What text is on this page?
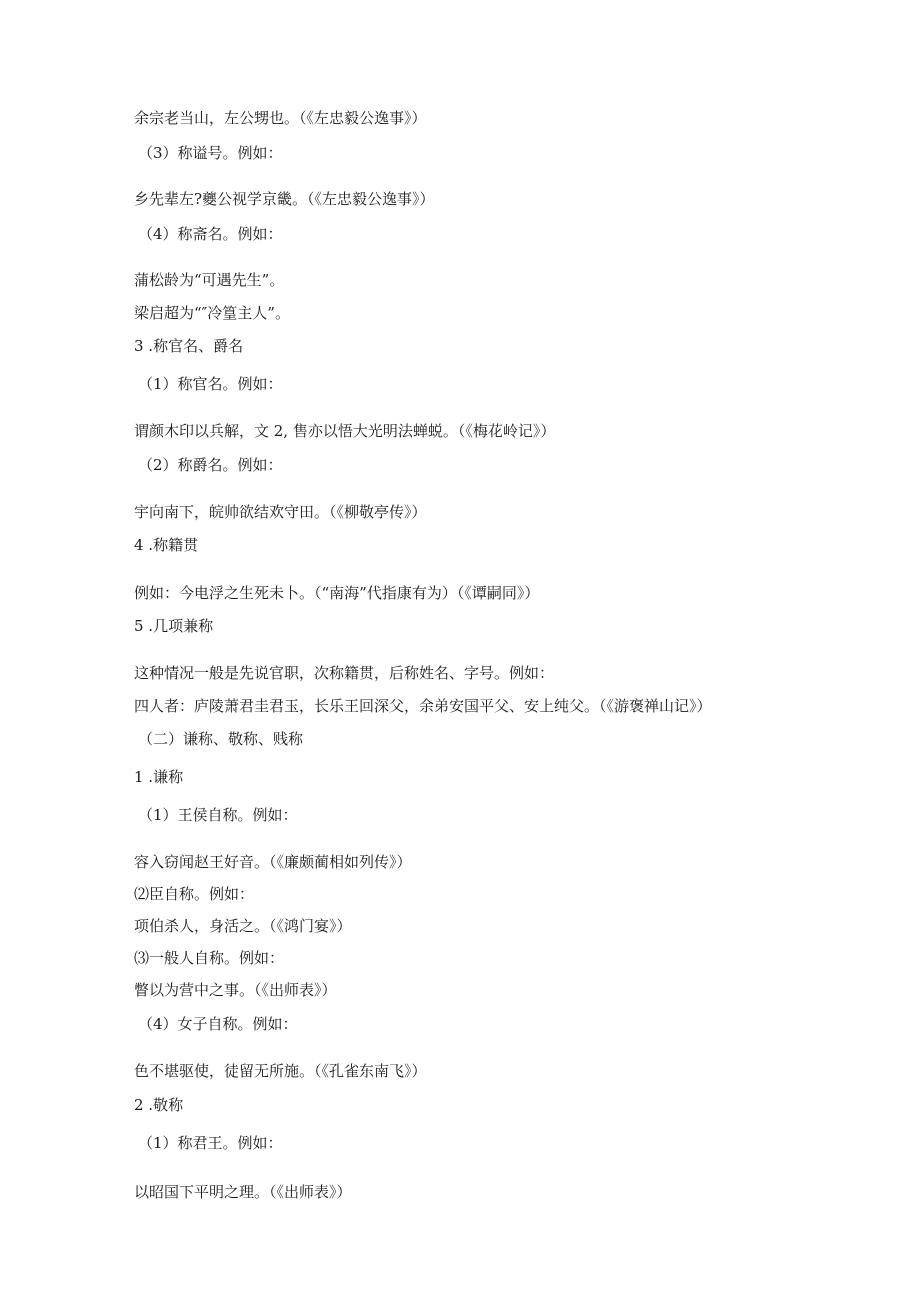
余宗老当山，左公甥也。（《左忠毅公逸事》）
（3）称谥号。例如：
乡先辈左?夔公视学京畿。（《左忠毅公逸事》）
（4）称斋名。例如：
蒲松龄为“可遇先生”。
梁启超为“″冷篁主人”。
3 .称官名、爵名
（1）称官名。例如：
谓颜木印以兵解，文 2, 售亦以悟大光明法蝉蜕。（《梅花岭记》）
（2）称爵名。例如：
宇向南下，皖帅欲结欢守田。（《柳敬亭传》）
4 .称籍贯
例如：今电浮之生死未卜。（“南海”代指康有为）（《谭嗣同》）
5 .几项兼称
这种情况一般是先说官职，次称籍贯，后称姓名、字号。例如：
四人者：庐陵萧君圭君玉，长乐王回深父，余弟安国平父、安上纯父。（《游褒禅山记》）
（二）谦称、敬称、贱称
1 .谦称
（1）王侯自称。例如：
容入窃闻赵王好音。（《廉颇蔺相如列传》）
⑵臣自称。例如：
项伯杀人，身活之。（《鸿门宴》）
⑶一般人自称。例如：
瞥以为营中之事。（《出师表》）
（4）女子自称。例如：
色不堪驱使，徒留无所施。（《孔雀东南飞》）
2 .敬称
（1）称君王。例如：
以昭国下平明之理。（《出师表》）
